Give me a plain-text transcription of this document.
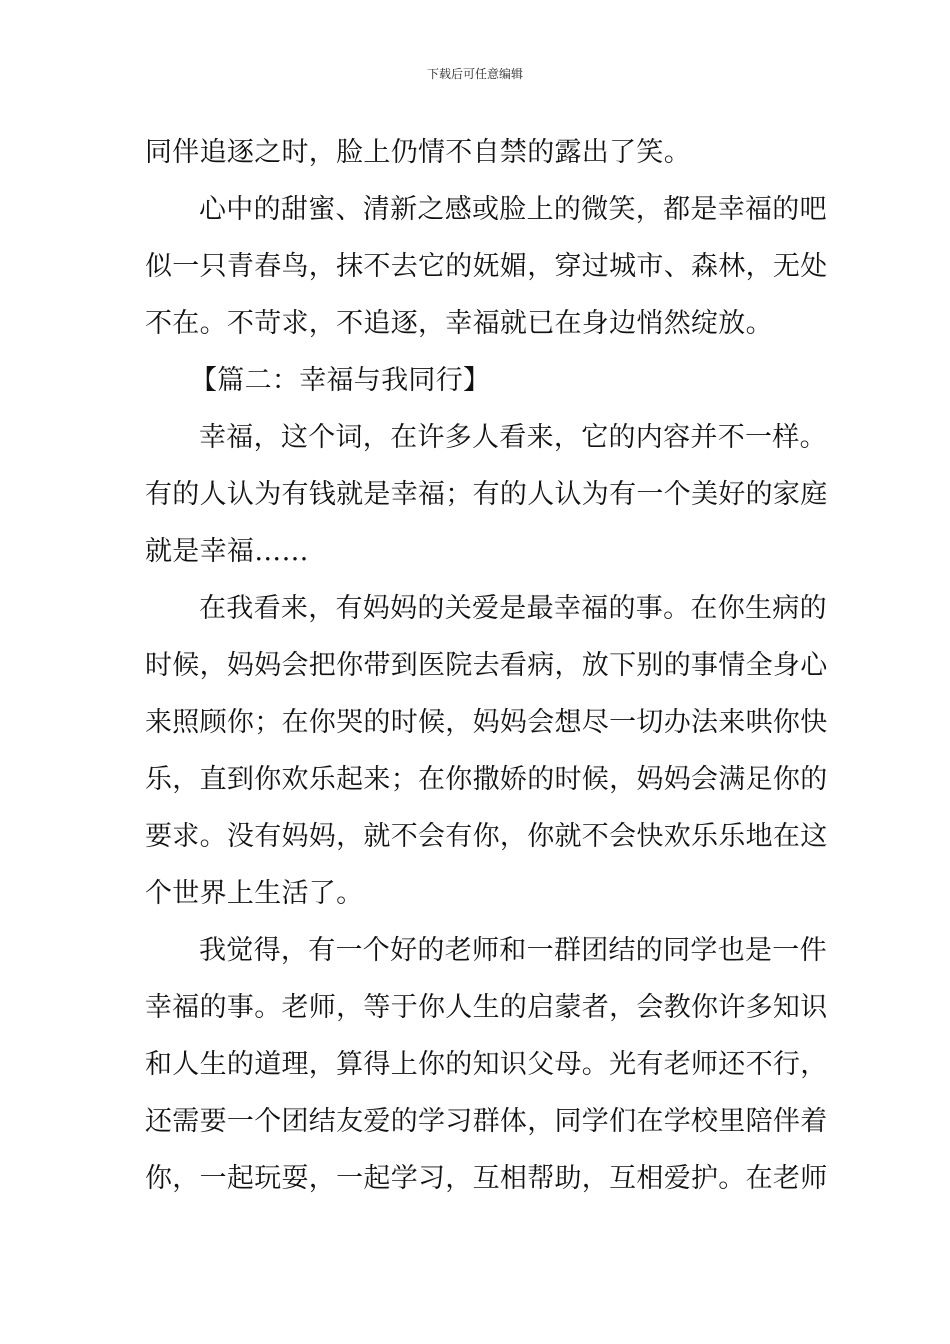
下载后可任意编辑
同伴追逐之时，脸上仍情不自禁的露出了笑。
心中的甜蜜、清新之感或脸上的微笑，都是幸福的吧
似一只青春鸟，抹不去它的妩媚，穿过城市、森林，无处
不在。不苛求，不追逐，幸福就已在身边悄然绽放。
【篇二：幸福与我同行】
幸福，这个词，在许多人看来，它的内容并不一样。
有的人认为有钱就是幸福；有的人认为有一个美好的家庭
就是幸福……
在我看来，有妈妈的关爱是最幸福的事。在你生病的
时候，妈妈会把你带到医院去看病，放下别的事情全身心
来照顾你；在你哭的时候，妈妈会想尽一切办法来哄你快
乐，直到你欢乐起来；在你撒娇的时候，妈妈会满足你的
要求。没有妈妈，就不会有你，你就不会快欢乐乐地在这
个世界上生活了。
我觉得，有一个好的老师和一群团结的同学也是一件
幸福的事。老师，等于你人生的启蒙者，会教你许多知识
和人生的道理，算得上你的知识父母。光有老师还不行，
还需要一个团结友爱的学习群体，同学们在学校里陪伴着
你，一起玩耍，一起学习，互相帮助，互相爱护。在老师
